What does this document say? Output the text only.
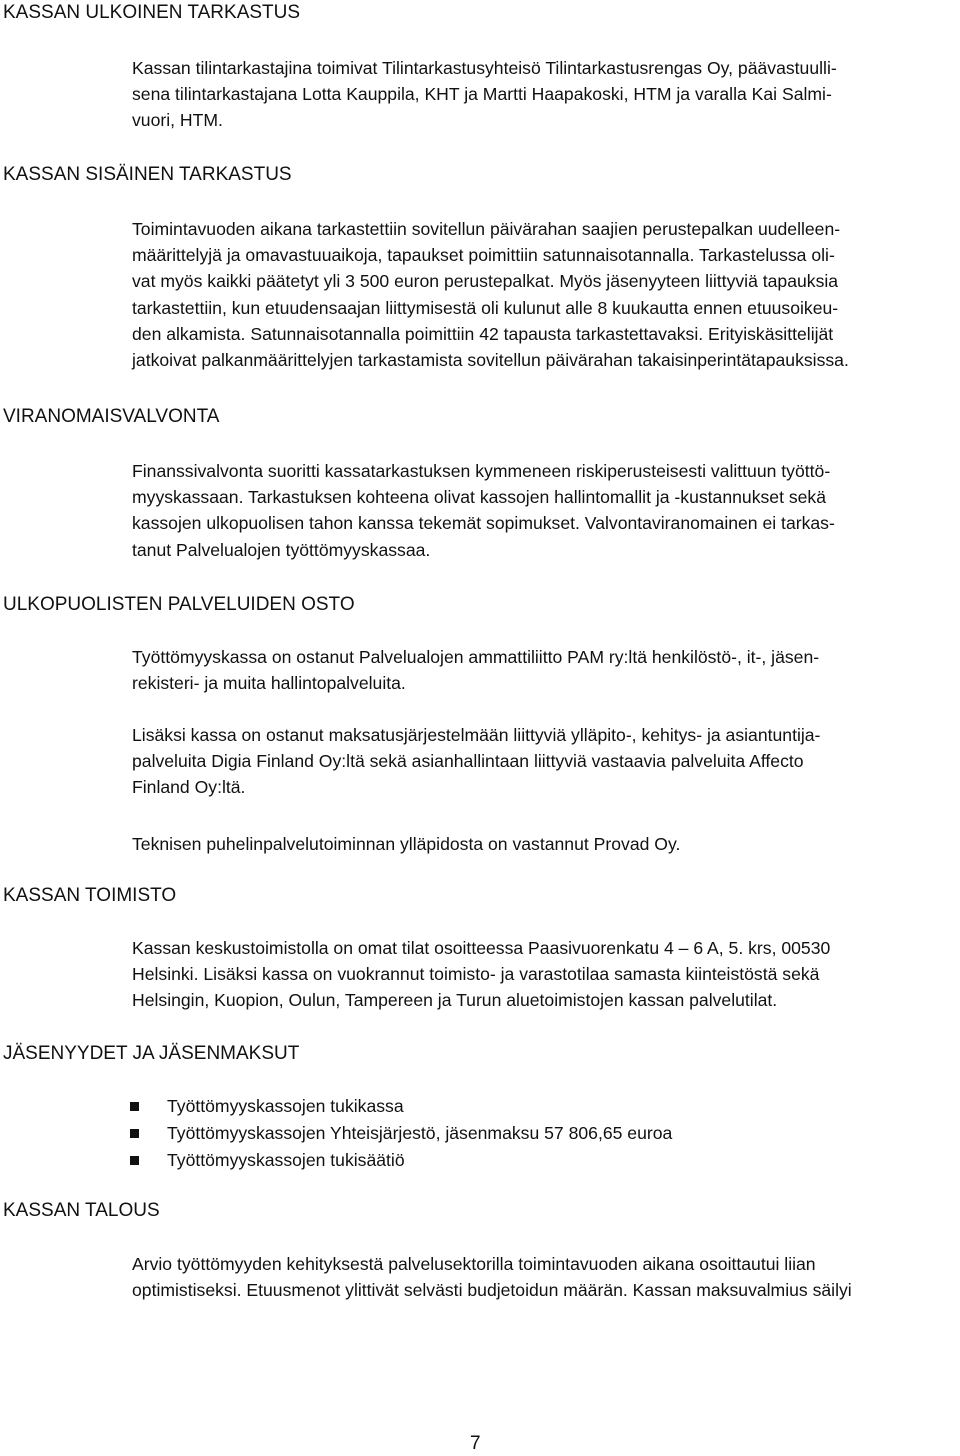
KASSAN ULKOINEN TARKASTUS

Kassan tilintarkastajina toimivat Tilintarkastusyhteisö Tilintarkastusrengas Oy, päävastuulli-
sena tilintarkastajana Lotta Kauppila, KHT ja Martti Haapakoski, HTM ja varalla Kai Salmi-
vuori, HTM.

KASSAN SISÄINEN TARKASTUS

Toimintavuoden aikana tarkastettiin sovitellun päivärahan saajien perustepalkan uudelleen-
määrittelyjä ja omavastuuaikoja, tapaukset poimittiin satunnaisotannalla. Tarkastelussa oli-
vat myös kaikki päätetyt yli 3 500 euron perustepalkat. Myös jäsenyyteen liittyviä tapauksia
tarkastettiin, kun etuudensaajan liittymisestä oli kulunut alle 8 kuukautta ennen etuusoikeu-
den alkamista. Satunnaisotannalla poimittiin 42 tapausta tarkastettavaksi. Erityiskäsittelijät
jatkoivat palkanmäärittelyjen tarkastamista sovitellun päivärahan takaisinperintätapauksissa.

VIRANOMAISVALVONTA

Finanssivalvonta suoritti kassatarkastuksen kymmeneen riskiperusteisesti valittuun työttö-
myyskassaan. Tarkastuksen kohteena olivat kassojen hallintomallit ja -kustannukset sekä
kassojen ulkopuolisen tahon kanssa tekemät sopimukset. Valvontaviranomainen ei tarkas-
tanut Palvelualojen työttömyyskassaa.

ULKOPUOLISTEN PALVELUIDEN OSTO

Työttömyyskassa on ostanut Palvelualojen ammattiliitto PAM ry:ltä henkilöstö-, it-, jäsen-
rekisteri- ja muita hallintopalveluita.

Lisäksi kassa on ostanut maksatusjärjestelmään liittyviä ylläpito-, kehitys- ja asiantuntija-
palveluita Digia Finland Oy:ltä sekä asianhallintaan liittyviä vastaavia palveluita Affecto
Finland Oy:ltä.

Teknisen puhelinpalvelutoiminnan ylläpidosta on vastannut Provad Oy.

KASSAN TOIMISTO

Kassan keskustoimistolla on omat tilat osoitteessa Paasivuorenkatu 4 – 6 A, 5. krs, 00530
Helsinki. Lisäksi kassa on vuokrannut toimisto- ja varastotilaa samasta kiinteistöstä sekä
Helsingin, Kuopion, Oulun, Tampereen ja Turun aluetoimistojen kassan palvelutilat.

JÄSENYYDET JA JÄSENMAKSUT
Työttömyyskassojen tukikassa
Työttömyyskassojen Yhteisjärjestö, jäsenmaksu 57 806,65 euroa
Työttömyyskassojen tukisäätiö
KASSAN TALOUS

Arvio työttömyyden kehityksestä palvelusektorilla toimintavuoden aikana osoittautui liian
optimistiseksi. Etuusmenot ylittivät selvästi budjetoidun määrän. Kassan maksuvalmius säilyi

7
